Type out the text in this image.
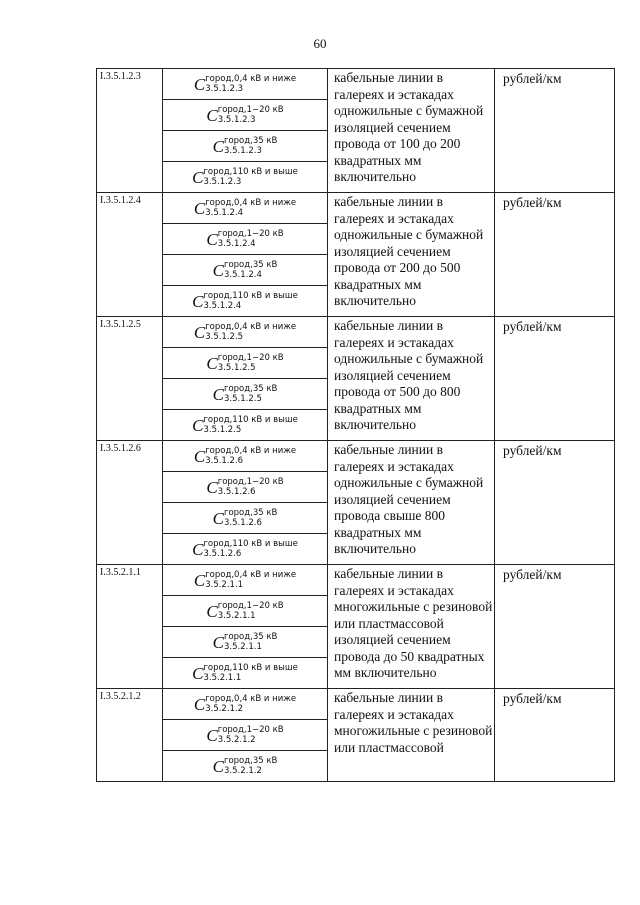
60
I.3.5.1.2.3	C город,0,4 кВ и ниже
3.5.1.2.3	кабельные линии в галереях и эстакадах одножильные с бумажной изоляцией сечением провода от 100 до 200 квадратных мм включительно	рублей/км

	C город,1−20 кВ
3.5.1.2.3		

	C город,35 кВ
3.5.1.2.3		

	C город,110 кВ и выше
3.5.1.2.3		

I.3.5.1.2.4	C город,0,4 кВ и ниже
3.5.1.2.4	кабельные линии в галереях и эстакадах одножильные с бумажной изоляцией сечением провода от 200 до 500 квадратных мм включительно	рублей/км

	C город,1−20 кВ
3.5.1.2.4		

	C город,35 кВ
3.5.1.2.4		

	C город,110 кВ и выше
3.5.1.2.4		

I.3.5.1.2.5	C город,0,4 кВ и ниже
3.5.1.2.5	кабельные линии в галереях и эстакадах одножильные с бумажной изоляцией сечением провода от 500 до 800 квадратных мм включительно	рублей/км

	C город,1−20 кВ
3.5.1.2.5		

	C город,35 кВ
3.5.1.2.5		

	C город,110 кВ и выше
3.5.1.2.5		

I.3.5.1.2.6	C город,0,4 кВ и ниже
3.5.1.2.6	кабельные линии в галереях и эстакадах одножильные с бумажной изоляцией сечением провода свыше 800 квадратных мм включительно	рублей/км

	C город,1−20 кВ
3.5.1.2.6		

	C город,35 кВ
3.5.1.2.6		

	C город,110 кВ и выше
3.5.1.2.6		

I.3.5.2.1.1	C город,0,4 кВ и ниже
3.5.2.1.1	кабельные линии в галереях и эстакадах многожильные с резиновой или пластмассовой изоляцией сечением провода до 50 квадратных мм включительно	рублей/км

	C город,1−20 кВ
3.5.2.1.1		

	C город,35 кВ
3.5.2.1.1		

	C город,110 кВ и выше
3.5.2.1.1		

I.3.5.2.1.2	C город,0,4 кВ и ниже
3.5.2.1.2	кабельные линии в галереях и эстакадах многожильные с резиновой или пластмассовой	рублей/км

	C город,1−20 кВ
3.5.2.1.2		

	C город,35 кВ
3.5.2.1.2		
